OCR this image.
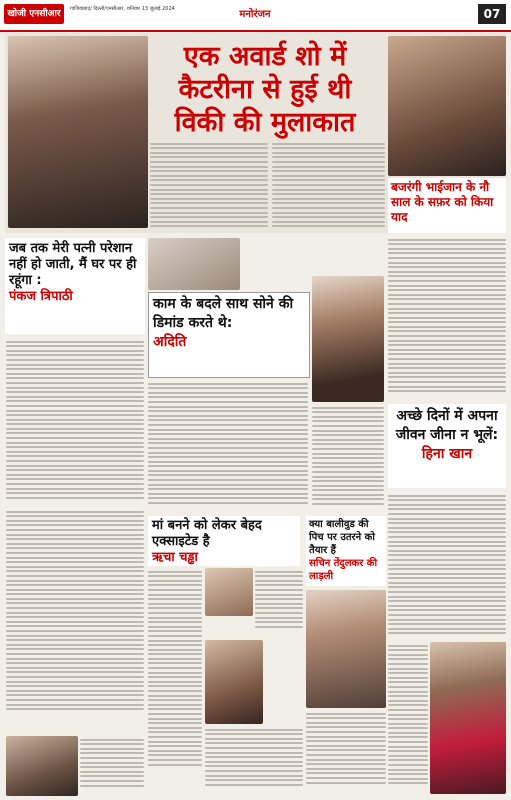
खोजी एनसीआर	गाजियाबाद/ दिल्ली/एनसीआर, शनिवार 13 जुलाई 2024	मनोरंजन	07
एक अवार्ड शो में कैटरीना से हुई थी विकी की मुलाकात
बजरंगी भाईजान के नौ साल के सफ़र को किया याद
जब तक मेरी पत्नी परेशान नहीं हो जाती, मैं घर पर ही रहूंगा :
पंकज त्रिपाठी	काम के बदले साथ सोने की डिमांड करते थे:
अदिति
अच्छे दिनों में अपना जीवन जीना न भूलें:
हिना खान
मां बनने को लेकर बेहद एक्साइटेड है
ऋचा चड्ढा
क्या बालीवुड की पिच पर उतरने को तैयार हैं
सचिन तेंदुलकर की लाड़ली
